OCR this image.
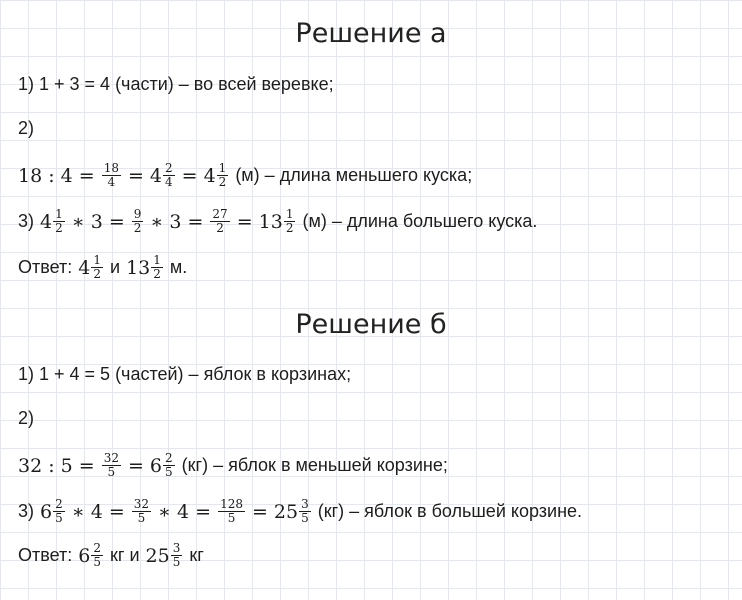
Решение а
1) 1 + 3 = 4 (части) – во всей веревке;
2)
18 : $4 = \frac{18}{4} = 4 \frac{2}{4} = 4 \frac{1}{2} (м)$ – длина меньшего куска;
3) $4 \frac{1}{2}$ ∗ $3 = \frac{9}{2}$ ∗ $3 = \frac{27}{2} = 13 \frac{1}{2} (м)$ – длина большего куска.
Ответ: $4 \frac{1}{2}$ и $13 \frac{1}{2} м$.
Решение б
1) 1 + 4 = 5 (частей) – яблок в корзинах;
2)
32 : $5 = \frac{32}{5} = 6 \frac{2}{5} (кг)$ – яблок в меньшей корзине;
3) $6 \frac{2}{5}$ ∗ $4 = \frac{32}{5}$ ∗ $4 = \frac{128}{5} = 25 \frac{3}{5} (кг)$ – яблок в большей корзине.
Ответ: $6 \frac{2}{5}$ кг и $25 \frac{3}{5}$ кг
